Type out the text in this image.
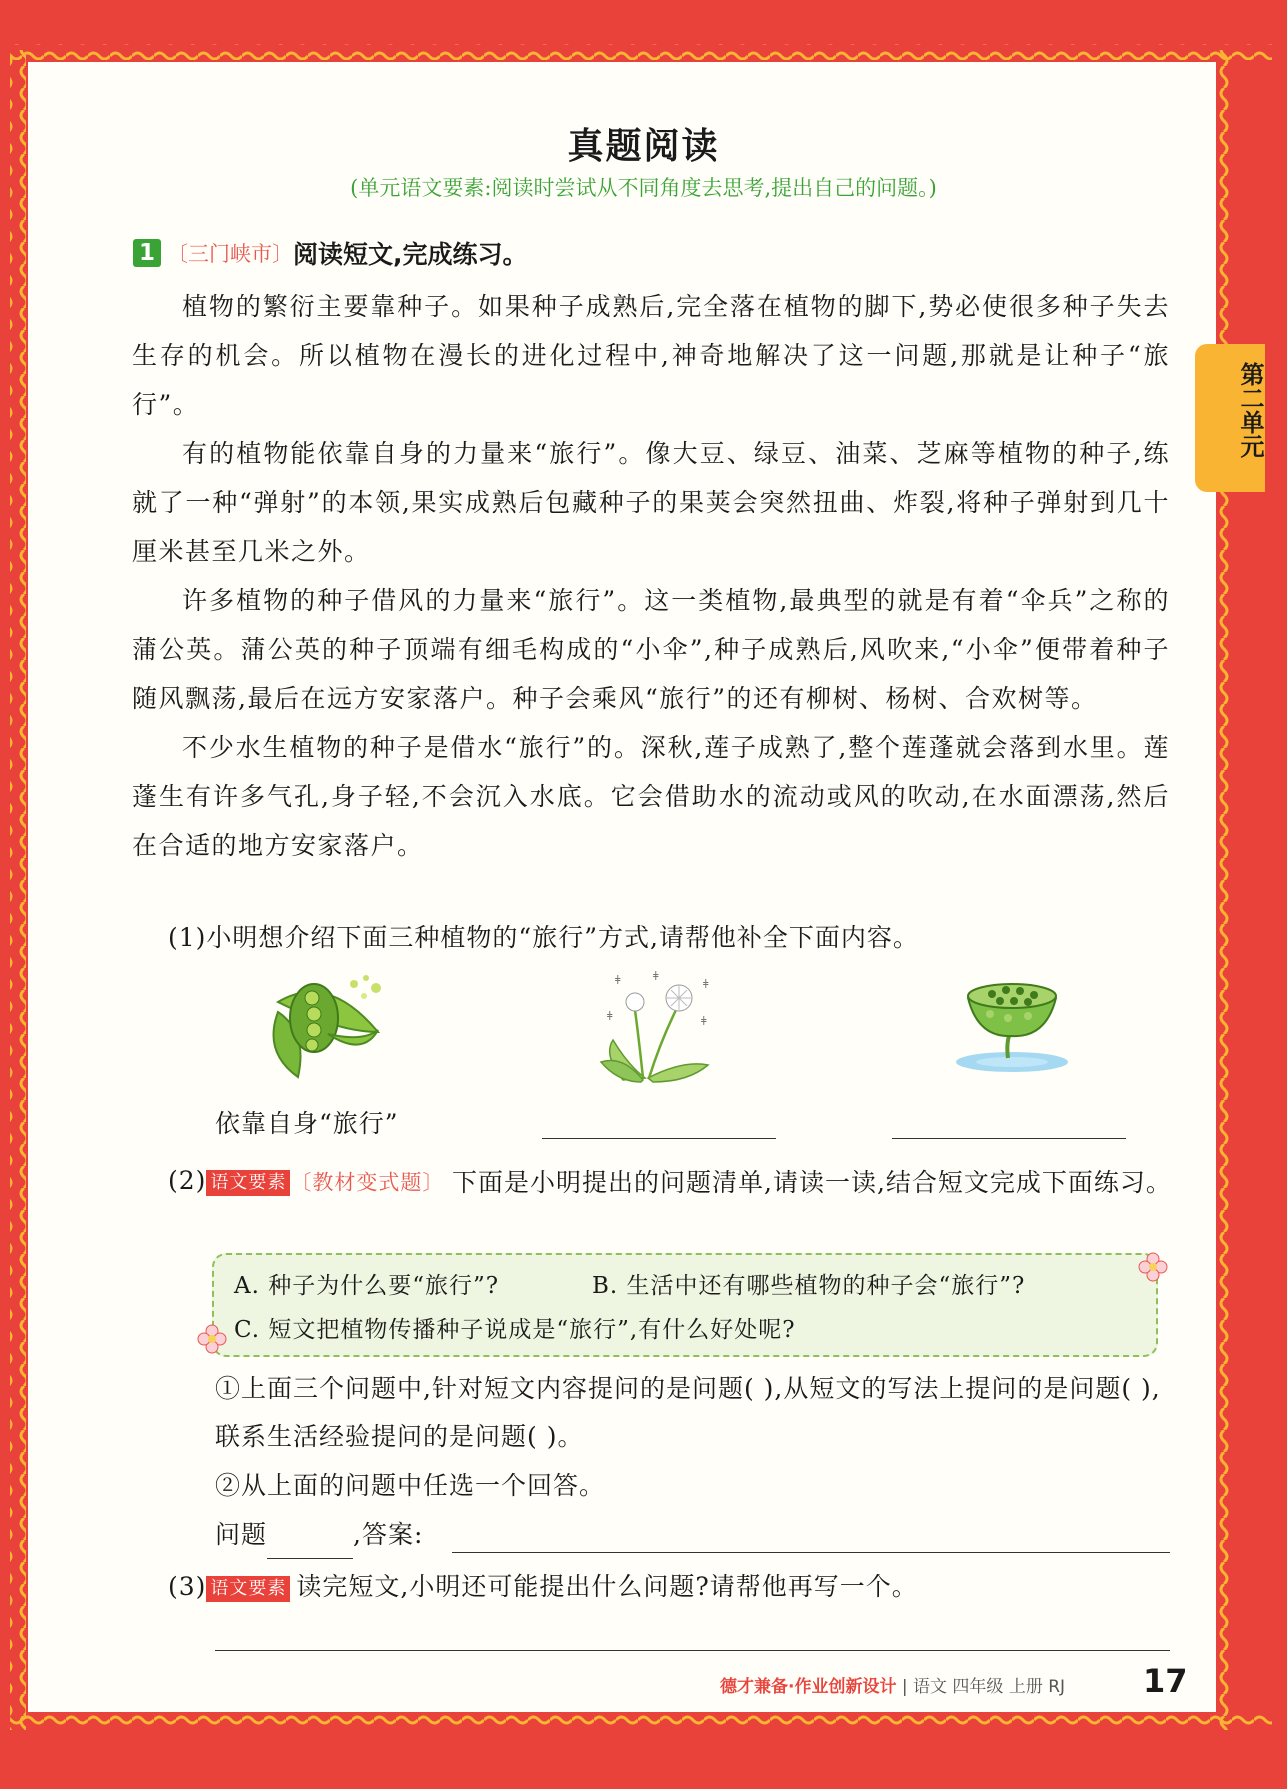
真题阅读
(单元语文要素:阅读时尝试从不同角度去思考,提出自己的问题。)
第二单元
1 〔三门峡市〕阅读短文,完成练习。

植物的繁衍主要靠种子。如果种子成熟后,完全落在植物的脚下,势必使很多种子失去生存的机会。所以植物在漫长的进化过程中,神奇地解决了这一问题,那就是让种子“旅行”。

有的植物能依靠自身的力量来“旅行”。像大豆、绿豆、油菜、芝麻等植物的种子,练就了一种“弹射”的本领,果实成熟后包藏种子的果荚会突然扭曲、炸裂,将种子弹射到几十厘米甚至几米之外。

许多植物的种子借风的力量来“旅行”。这一类植物,最典型的就是有着“伞兵”之称的蒲公英。蒲公英的种子顶端有细毛构成的“小伞”,种子成熟后,风吹来,“小伞”便带着种子随风飘荡,最后在远方安家落户。种子会乘风“旅行”的还有柳树、杨树、合欢树等。

不少水生植物的种子是借水“旅行”的。深秋,莲子成熟了,整个莲蓬就会落到水里。莲蓬生有许多气孔,身子轻,不会沉入水底。它会借助水的流动或风的吹动,在水面漂荡,然后在合适的地方安家落户。

(1)小明想介绍下面三种植物的“旅行”方式,请帮他补全下面内容。
ǂ	ǂ
ǂ
ǂ
ǂ
依靠自身“旅行”
(2) 语文要素 〔教材变式题〕 下面是小明提出的问题清单,请读一读,结合短文完成下面练习。
A. 种子为什么要“旅行”?	B. 生活中还有哪些植物的种子会“旅行”?
C. 短文把植物传播种子说成是“旅行”,有什么好处呢?
①上面三个问题中,针对短文内容提问的是问题( ),从短文的写法上提问的是问题( ),联系生活经验提问的是问题( )。
②从上面的问题中任选一个回答。
问题	,答案:
(3) 语文要素 读完短文,小明还可能提出什么问题?请帮他再写一个。
德才兼备·作业创新设计 | 语文 四年级 上册 RJ 17
